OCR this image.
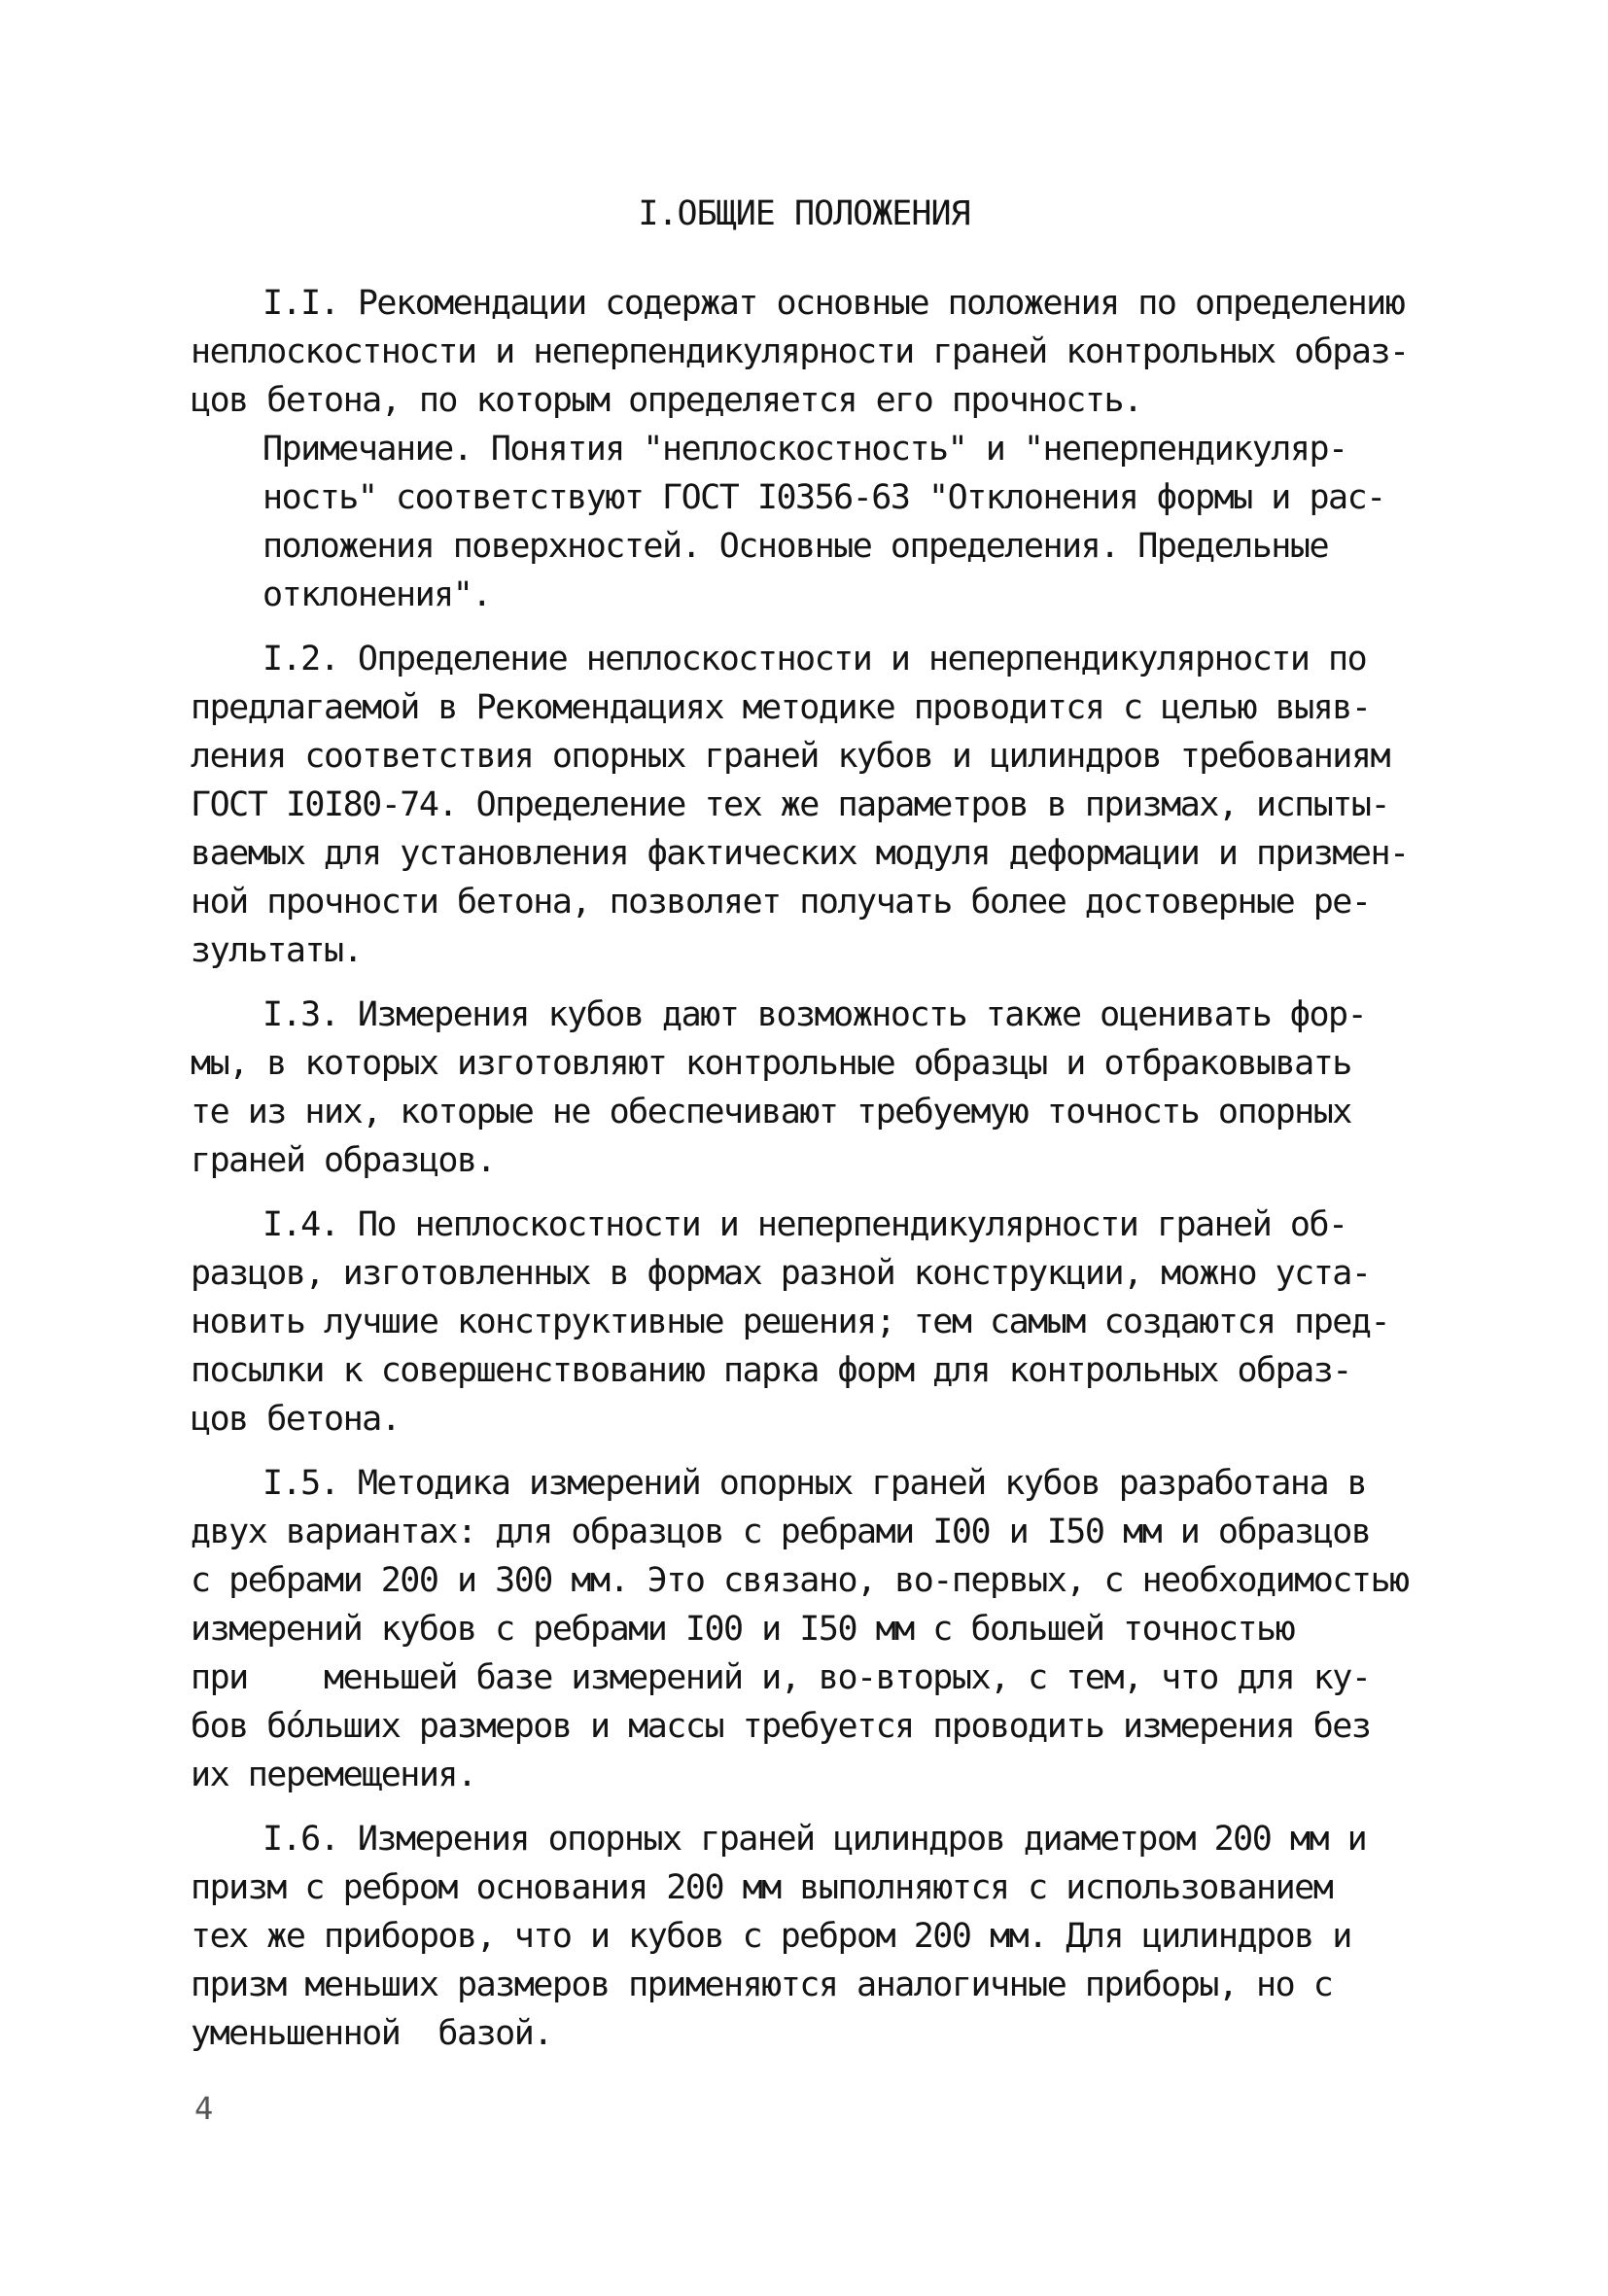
I.ОБЩИЕ ПОЛОЖЕНИЯ
I.I. Рекомендации содержат основные положения по определению
неплоскостности и неперпендикулярности граней контрольных образ-
цов бетона, по которым определяется его прочность.
Примечание. Понятия "неплоскостность" и "неперпендикуляр-
ность" соответствуют ГОСТ I0356-63 "Отклонения формы и рас-
положения поверхностей. Основные определения. Предельные
отклонения".
I.2. Определение неплоскостности и неперпендикулярности по
предлагаемой в Рекомендациях методике проводится с целью выяв-
ления соответствия опорных граней кубов и цилиндров требованиям
ГОСТ I0I80-74. Определение тех же параметров в призмах, испыты-
ваемых для установления фактических модуля деформации и призмен-
ной прочности бетона, позволяет получать более достоверные ре-
зультаты.
I.3. Измерения кубов дают возможность также оценивать фор-
мы, в которых изготовляют контрольные образцы и отбраковывать
те из них, которые не обеспечивают требуемую точность опорных
граней образцов.
I.4. По неплоскостности и неперпендикулярности граней об-
разцов, изготовленных в формах разной конструкции, можно уста-
новить лучшие конструктивные решения; тем самым создаются пред-
посылки к совершенствованию парка форм для контрольных образ-
цов бетона.
I.5. Методика измерений опорных граней кубов разработана в
двух вариантах: для образцов с ребрами I00 и I50 мм и образцов
с ребрами 200 и 300 мм. Это связано, во-первых, с необходимостью
измерений кубов с ребрами I00 и I50 мм с большей точностью
при    меньшей базе измерений и, во-вторых, с тем, что для ку-
бов бо́льших размеров и массы требуется проводить измерения без
их перемещения.
I.6. Измерения опорных граней цилиндров диаметром 200 мм и
призм с ребром основания 200 мм выполняются с использованием
тех же приборов, что и кубов с ребром 200 мм. Для цилиндров и
призм меньших размеров применяются аналогичные приборы, но с
уменьшенной  базой.
4
